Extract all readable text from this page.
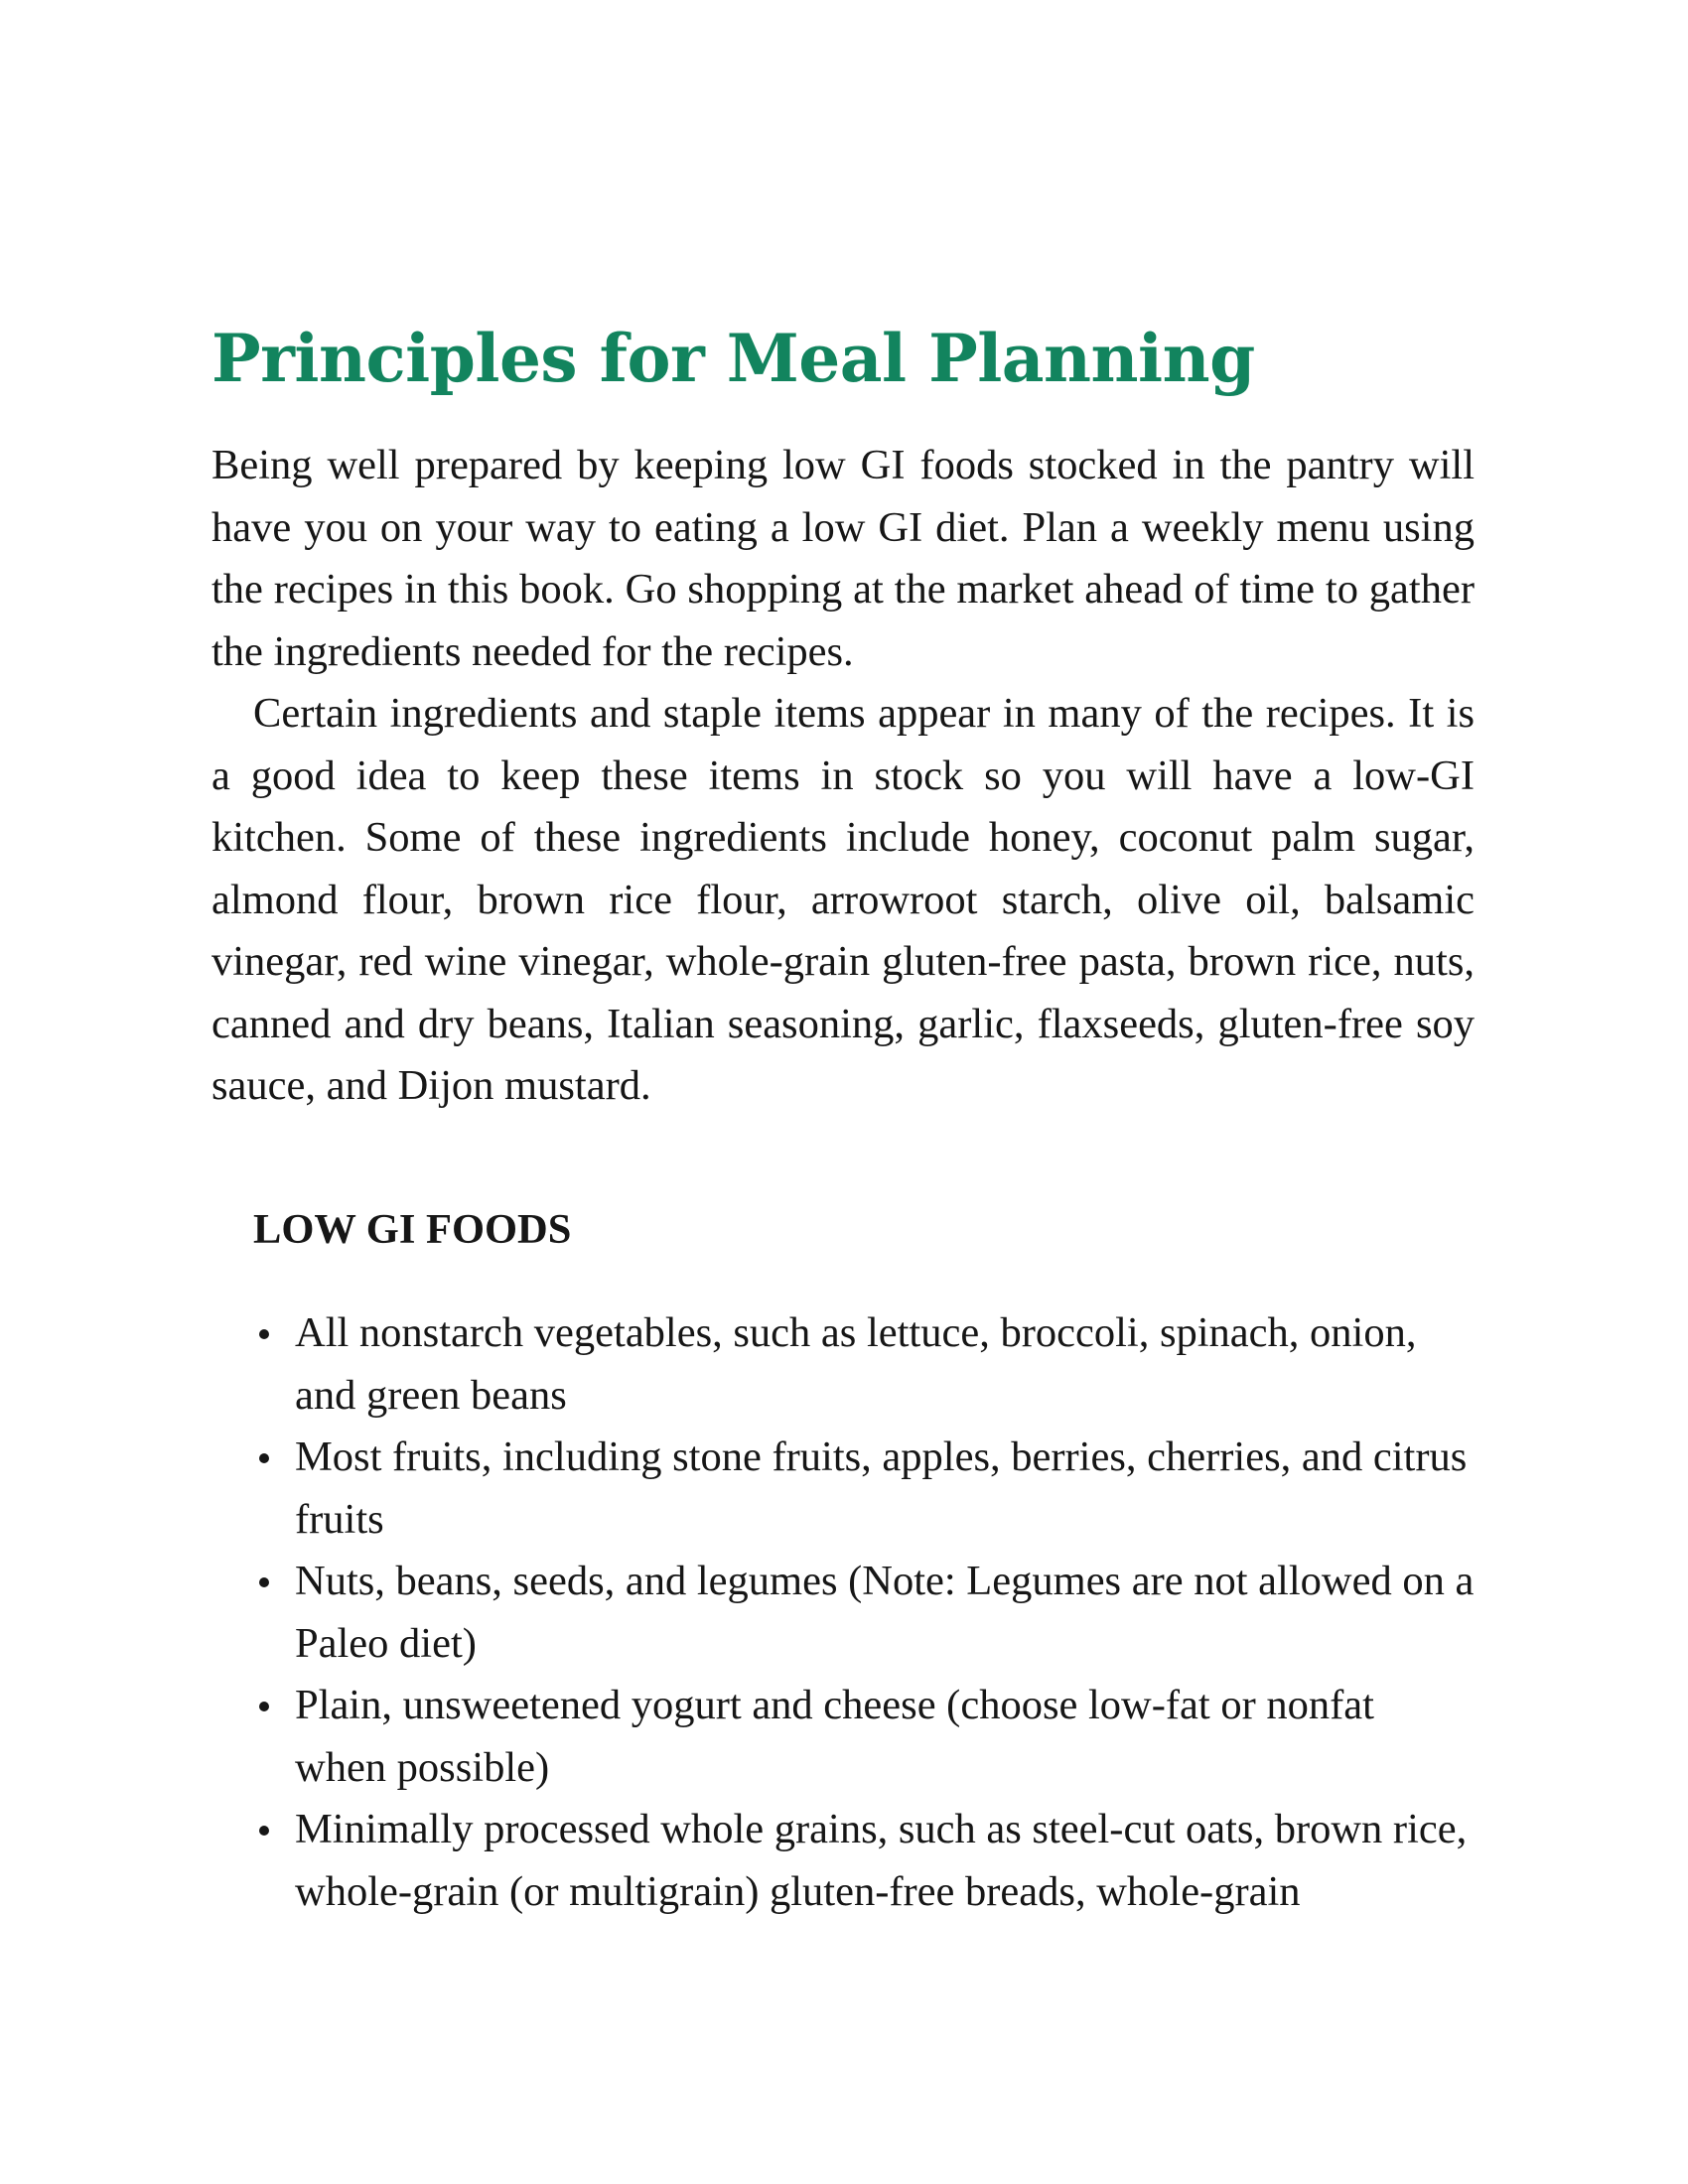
Principles for Meal Planning

Being well prepared by keeping low GI foods stocked in the pantry will have you on your way to eating a low GI diet. Plan a weekly menu using the recipes in this book. Go shopping at the market ahead of time to gather the ingredients needed for the recipes.

Certain ingredients and staple items appear in many of the recipes. It is a good idea to keep these items in stock so you will have a low-GI kitchen. Some of these ingredients include honey, coconut palm sugar, almond flour, brown rice flour, arrowroot starch, olive oil, balsamic vinegar, red wine vinegar, whole-grain gluten-free pasta, brown rice, nuts, canned and dry beans, Italian seasoning, garlic, flaxseeds, gluten-free soy sauce, and Dijon mustard.

LOW GI FOODS
All nonstarch vegetables, such as lettuce, broccoli, spinach, onion, and green beans
Most fruits, including stone fruits, apples, berries, cherries, and citrus fruits
Nuts, beans, seeds, and legumes (Note: Legumes are not allowed on a Paleo diet)
Plain, unsweetened yogurt and cheese (choose low-fat or nonfat when possible)
Minimally processed whole grains, such as steel-cut oats, brown rice, whole-grain (or multigrain) gluten-free breads, whole-grain
